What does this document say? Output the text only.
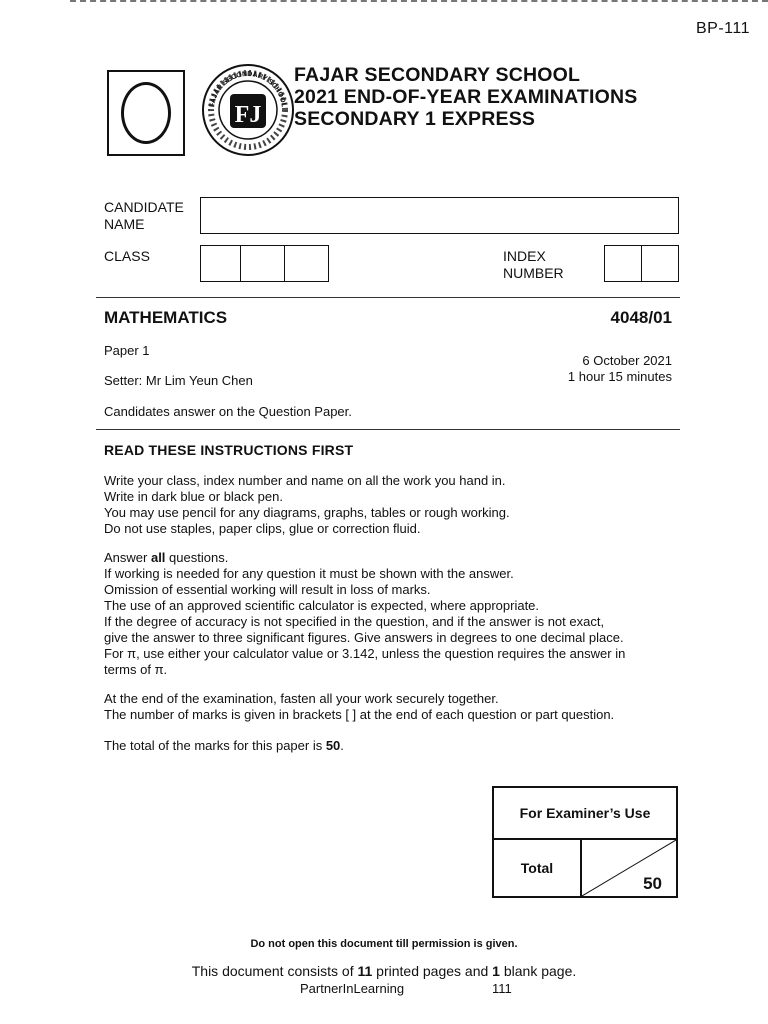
BP-111
FAJAR SECONDARY SCHOOL
FJ
FAJAR SECONDARY SCHOOL
2021 END-OF-YEAR EXAMINATIONS
SECONDARY 1 EXPRESS
CANDIDATE
NAME
CLASS	INDEX
NUMBER
MATHEMATICS	4048/01
Paper 1
6 October 2021
1 hour 15 minutes
Setter: Mr Lim Yeun Chen
Candidates answer on the Question Paper.
READ THESE INSTRUCTIONS FIRST
Write your class, index number and name on all the work you hand in.
Write in dark blue or black pen.
You may use pencil for any diagrams, graphs, tables or rough working.
Do not use staples, paper clips, glue or correction fluid.
Answer all questions.
If working is needed for any question it must be shown with the answer.
Omission of essential working will result in loss of marks.
The use of an approved scientific calculator is expected, where appropriate.
If the degree of accuracy is not specified in the question, and if the answer is not exact,
give the answer to three significant figures. Give answers in degrees to one decimal place.
For π, use either your calculator value or 3.142, unless the question requires the answer in
terms of π.
At the end of the examination, fasten all your work securely together.
The number of marks is given in brackets [ ] at the end of each question or part question.
The total of the marks for this paper is 50.
For Examiner’s Use
Total
50
Do not open this document till permission is given.
This document consists of 11 printed pages and 1 blank page.
PartnerInLearning	111
